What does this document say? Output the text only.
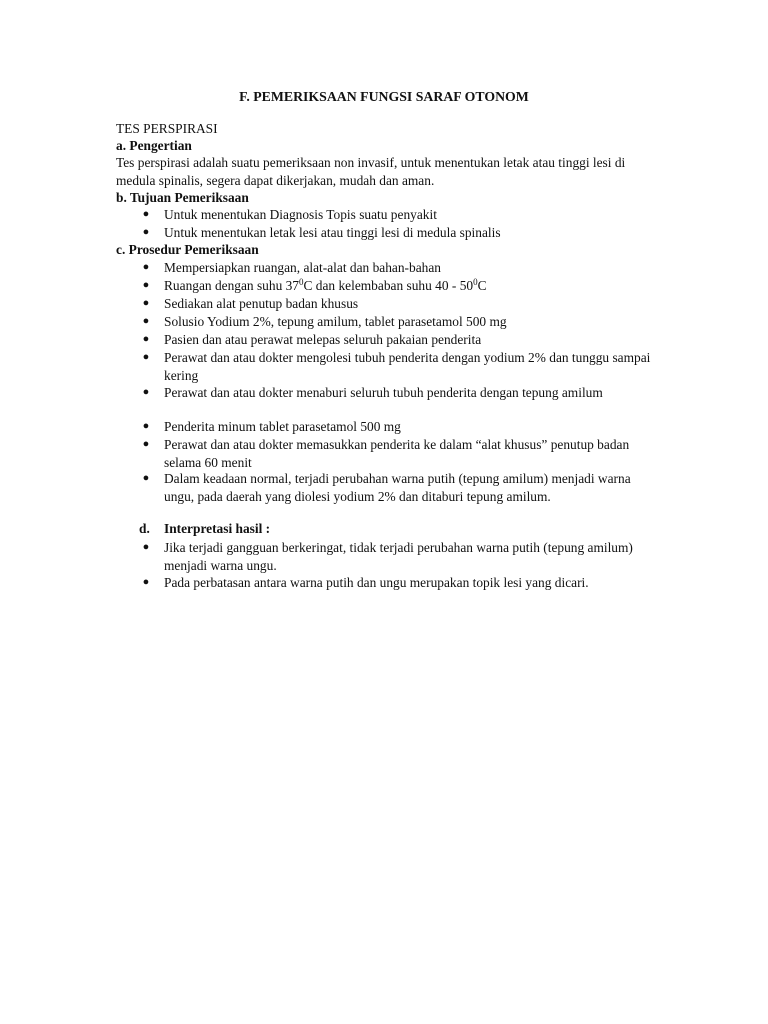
F. PEMERIKSAAN FUNGSI SARAF OTONOM
TES PERSPIRASI
a. Pengertian
Tes perspirasi adalah suatu pemeriksaan non invasif, untuk menentukan letak atau tinggi lesi di medula spinalis, segera dapat dikerjakan, mudah dan aman.
b. Tujuan Pemeriksaan
● Untuk menentukan Diagnosis Topis suatu penyakit
● Untuk menentukan letak lesi atau tinggi lesi di medula spinalis
c. Prosedur Pemeriksaan
● Mempersiapkan ruangan, alat-alat dan bahan-bahan
● Ruangan dengan suhu $37^0C$ dan kelembaban suhu $40 - 50^0C$
● Sediakan alat penutup badan khusus
● Solusio Yodium 2%, tepung amilum, tablet parasetamol 500 mg
● Pasien dan atau perawat melepas seluruh pakaian penderita
● Perawat dan atau dokter mengolesi tubuh penderita dengan yodium 2% dan tunggu sampai kering
● Perawat dan atau dokter menaburi seluruh tubuh penderita dengan tepung amilum
● Penderita minum tablet parasetamol 500 mg
● Perawat dan atau dokter memasukkan penderita ke dalam “alat khusus” penutup badan selama 60 menit
● Dalam keadaan normal, terjadi perubahan warna putih (tepung amilum) menjadi warna ungu, pada daerah yang diolesi yodium 2% dan ditaburi tepung amilum.
d. Interpretasi hasil :
● Jika terjadi gangguan berkeringat, tidak terjadi perubahan warna putih (tepung amilum) menjadi warna ungu.
● Pada perbatasan antara warna putih dan ungu merupakan topik lesi yang dicari.
